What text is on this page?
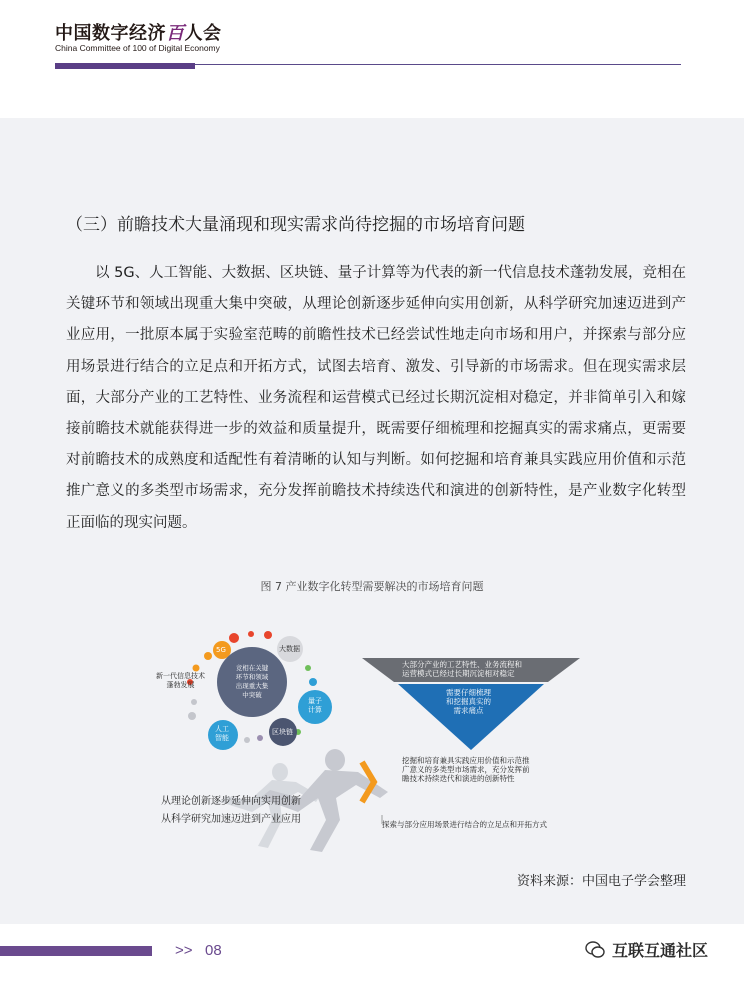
中国数字经济百人会
China Committee of 100 of Digital Economy
（三）前瞻技术大量涌现和现实需求尚待挖掘的市场培育问题

以 5G、人工智能、大数据、区块链、量子计算等为代表的新一代信息技术蓬勃发展，竞相在关键环节和领域出现重大集中突破，从理论创新逐步延伸向实用创新，从科学研究加速迈进到产业应用，一批原本属于实验室范畴的前瞻性技术已经尝试性地走向市场和用户，并探索与部分应用场景进行结合的立足点和开拓方式，试图去培育、激发、引导新的市场需求。但在现实需求层面，大部分产业的工艺特性、业务流程和运营模式已经过长期沉淀相对稳定，并非简单引入和嫁接前瞻技术就能获得进一步的效益和质量提升，既需要仔细梳理和挖掘真实的需求痛点，更需要对前瞻技术的成熟度和适配性有着清晰的认知与判断。如何挖掘和培育兼具实践应用价值和示范推广意义的多类型市场需求，充分发挥前瞻技术持续迭代和演进的创新特性，是产业数字化转型正面临的现实问题。

图 7 产业数字化转型需要解决的市场培育问题
5G	大数据
量子
计算
区块链
人工
智能
竞相在关键
环节和领域
出现重大集
中突破
新一代信息技术
蓬勃发展
大部分产业的工艺特性、业务流程和
运营模式已经过长期沉淀相对稳定
需要仔细梳理
和挖掘真实的
需求痛点
挖掘和培育兼具实践应用价值和示范推
广意义的多类型市场需求，充分发挥前
瞻技术持续迭代和演进的创新特性
从理论创新逐步延伸向实用创新
从科学研究加速迈进到产业应用	探索与部分应用场景进行结合的立足点和开拓方式
资料来源：中国电子学会整理
>> 08	互联互通社区
